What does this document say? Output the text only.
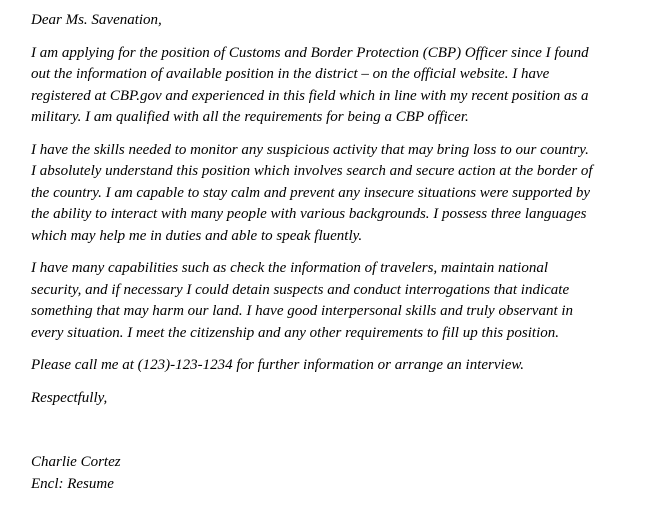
Dear Ms. Savenation,
I am applying for the position of Customs and Border Protection (CBP) Officer since I found
out the information of available position in the district – on the official website. I have
registered at CBP.gov and experienced in this field which in line with my recent position as a
military. I am qualified with all the requirements for being a CBP officer.
I have the skills needed to monitor any suspicious activity that may bring loss to our country.
I absolutely understand this position which involves search and secure action at the border of
the country. I am capable to stay calm and prevent any insecure situations were supported by
the ability to interact with many people with various backgrounds. I possess three languages
which may help me in duties and able to speak fluently.
I have many capabilities such as check the information of travelers, maintain national
security, and if necessary I could detain suspects and conduct interrogations that indicate
something that may harm our land. I have good interpersonal skills and truly observant in
every situation. I meet the citizenship and any other requirements to fill up this position.
Please call me at (123)-123-1234 for further information or arrange an interview.
Respectfully,
Charlie Cortez
Encl: Resume
